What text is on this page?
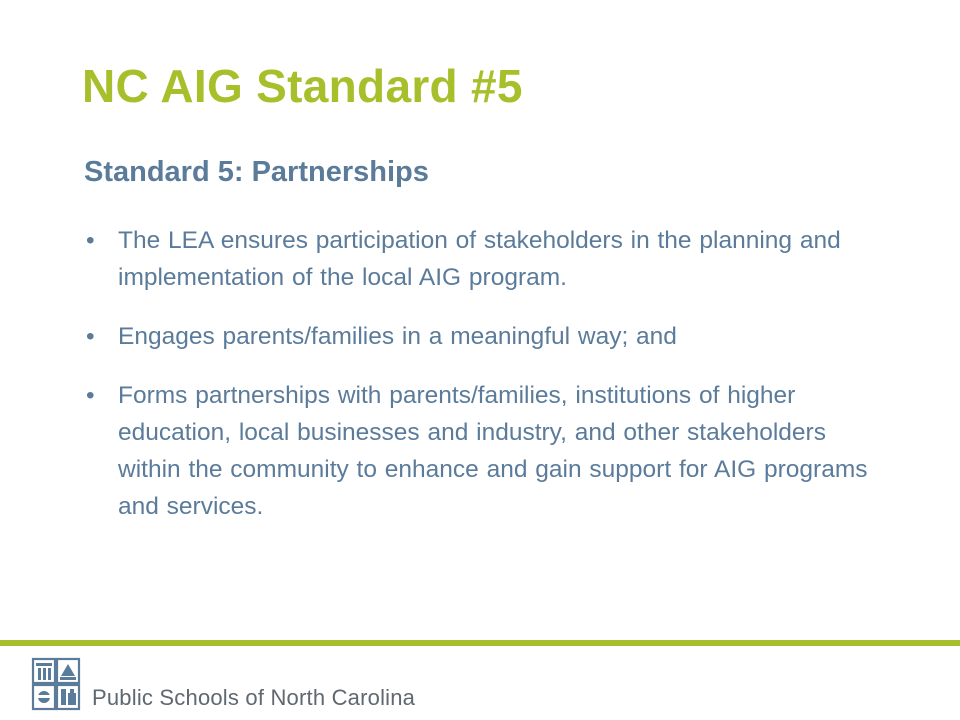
NC AIG Standard #5
Standard 5: Partnerships
• The LEA ensures participation of stakeholders in the planning and implementation of the local AIG program.
• Engages parents/families in a meaningful way; and
• Forms partnerships with parents/families, institutions of higher education, local businesses and industry, and other stakeholders within the community to enhance and gain support for AIG programs and services.

Public Schools of North Carolina
